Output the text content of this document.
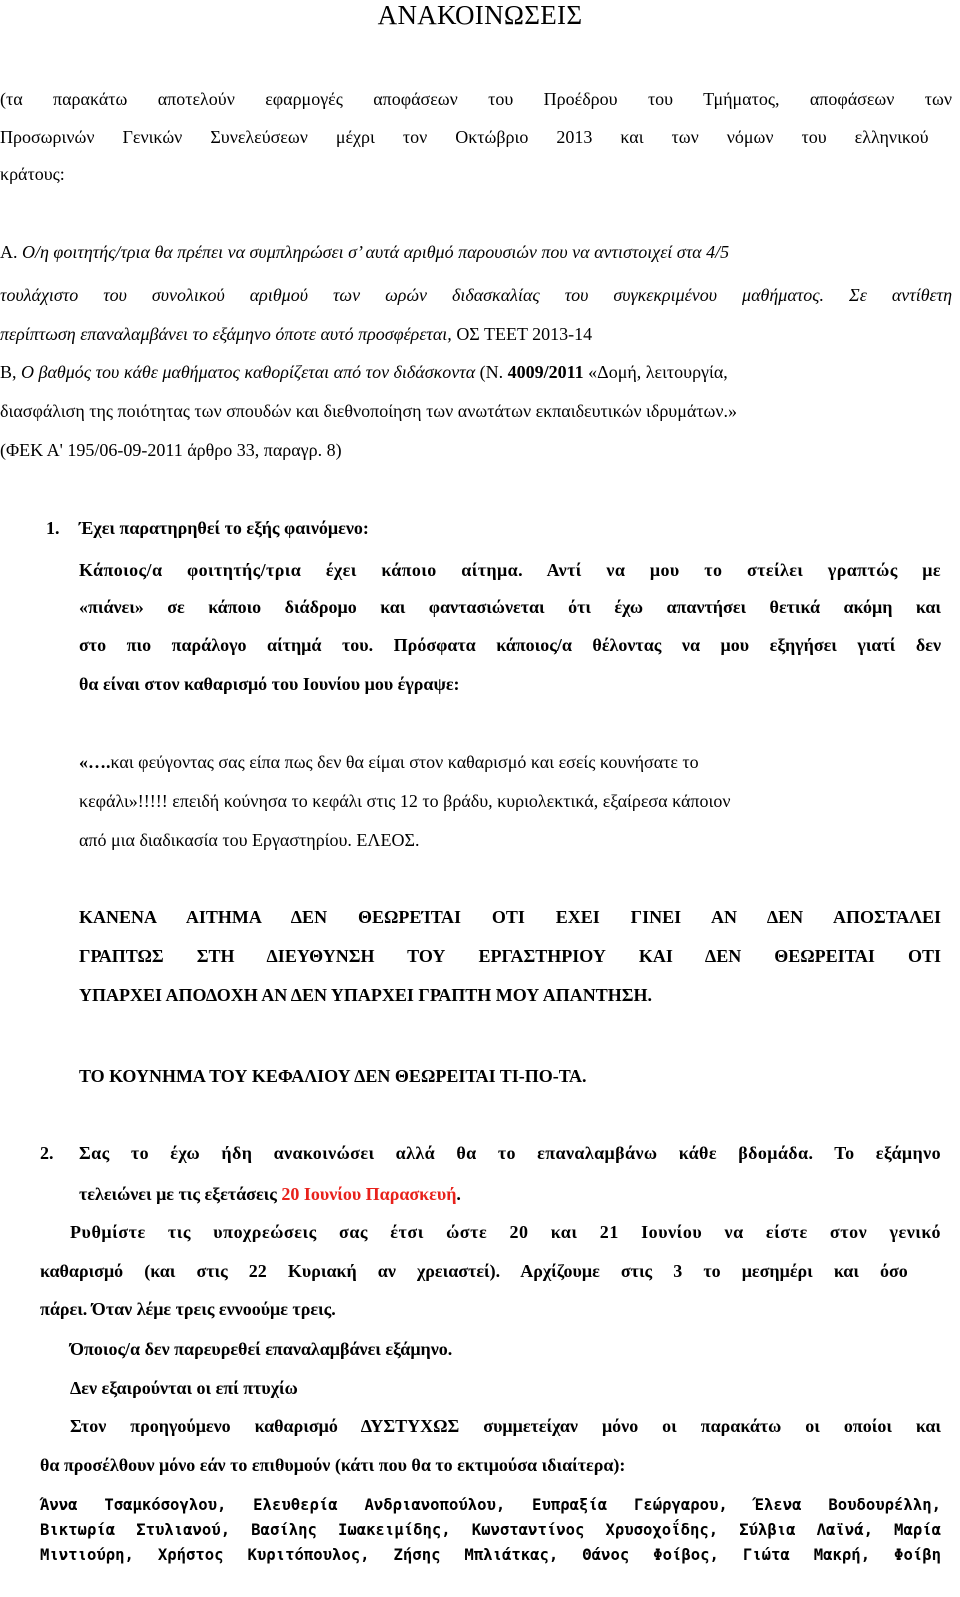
ΑΝΑΚΟΙΝΩΣΕΙΣ
(τα παρακάτω αποτελούν εφαρμογές αποφάσεων του Προέδρου του Τμήματος, αποφάσεων των
Προσωρινών Γενικών Συνελεύσεων μέχρι τον Οκτώβριο 2013 και των νόμων του ελληνικού
κράτους:
Α. Ο/η φοιτητής/τρια θα πρέπει να συμπληρώσει σ’ αυτά αριθμό παρουσιών που να αντιστοιχεί στα 4/5
τουλάχιστο του συνολικού αριθμού των ωρών διδασκαλίας του συγκεκριμένου μαθήματος. Σε αντίθετη
περίπτωση επαναλαμβάνει το εξάμηνο όποτε αυτό προσφέρεται, ΟΣ ΤΕΕΤ 2013-14
Β, Ο βαθμός του κάθε μαθήματος καθορίζεται από τον διδάσκοντα (Ν. 4009/2011 «Δομή, λειτουργία,
διασφάλιση της ποιότητας των σπουδών και διεθνοποίηση των ανωτάτων εκπαιδευτικών ιδρυμάτων.»
(ΦΕΚ Α' 195/06-09-2011 άρθρο 33, παραγρ. 8)
1. Έχει παρατηρηθεί το εξής φαινόμενο:
Κάποιος/α φοιτητής/τρια έχει κάποιο αίτημα. Αντί να μου το στείλει γραπτώς με
«πιάνει» σε κάποιο διάδρομο και φαντασιώνεται ότι έχω απαντήσει θετικά ακόμη και
στο πιο παράλογο αίτημά του. Πρόσφατα κάποιος/α θέλοντας να μου εξηγήσει γιατί δεν
θα είναι στον καθαρισμό του Ιουνίου μου έγραψε:
«….και φεύγοντας σας είπα πως δεν θα είμαι στον καθαρισμό και εσείς κουνήσατε το
κεφάλι»!!!!! επειδή κούνησα το κεφάλι στις 12 το βράδυ, κυριολεκτικά, εξαίρεσα κάποιον
από μια διαδικασία του Εργαστηρίου. ΕΛΕΟΣ.
ΚΑΝΕΝΑ ΑΙΤΗΜΑ ΔΕΝ ΘΕΩΡΕΊΤΑΙ ΟΤΙ ΕΧΕΙ ΓΙΝΕΙ ΑΝ ΔΕΝ ΑΠΟΣΤΑΛΕΙ
ΓΡΑΠΤΩΣ ΣΤΗ ΔΙΕΥΘΥΝΣΗ ΤΟΥ ΕΡΓΑΣΤΗΡΙΟΥ ΚΑΙ ΔΕΝ ΘΕΩΡΕΙΤΑΙ ΟΤΙ
ΥΠΑΡΧΕΙ ΑΠΟΔΟΧΗ ΑΝ ΔΕΝ ΥΠΑΡΧΕΙ ΓΡΑΠΤΗ ΜΟΥ ΑΠΑΝΤΗΣΗ.
ΤΟ ΚΟΥΝΗΜΑ ΤΟΥ ΚΕΦΑΛΙΟΥ ΔΕΝ ΘΕΩΡΕΙΤΑΙ ΤΙ-ΠΟ-ΤΑ.
2. Σας το έχω ήδη ανακοινώσει αλλά θα το επαναλαμβάνω κάθε βδομάδα. Το εξάμηνο
τελειώνει με τις εξετάσεις 20 Ιουνίου Παρασκευή.
Ρυθμίστε τις υποχρεώσεις σας έτσι ώστε 20 και 21 Ιουνίου να είστε στον γενικό
καθαρισμό (και στις 22 Κυριακή αν χρειαστεί). Αρχίζουμε στις 3 το μεσημέρι και όσο
πάρει. Όταν λέμε τρεις εννοούμε τρεις.
Όποιος/α δεν παρευρεθεί επαναλαμβάνει εξάμηνο.
Δεν εξαιρούνται οι επί πτυχίω
Στον προηγούμενο καθαρισμό ΔΥΣΤΥΧΩΣ συμμετείχαν μόνο οι παρακάτω οι οποίοι και
θα προσέλθουν μόνο εάν το επιθυμούν (κάτι που θα το εκτιμούσα ιδιαίτερα):
Άννα Τσαμκόσογλου, Ελευθερία Ανδριανοπούλου, Ευπραξία Γεώργαρου, Έλενα Βουδουρέλλη,
Βικτωρία Στυλιανού, Βασίλης Ιωακειμίδης, Κωνσταντίνος Χρυσοχοΐδης, Σύλβια Λαϊνά, Μαρία
Μιντιούρη, Χρήστος Κυριτόπουλος, Ζήσης Μπλιάτκας, Θάνος Φοίβος, Γιώτα Μακρή, Φοίβη
